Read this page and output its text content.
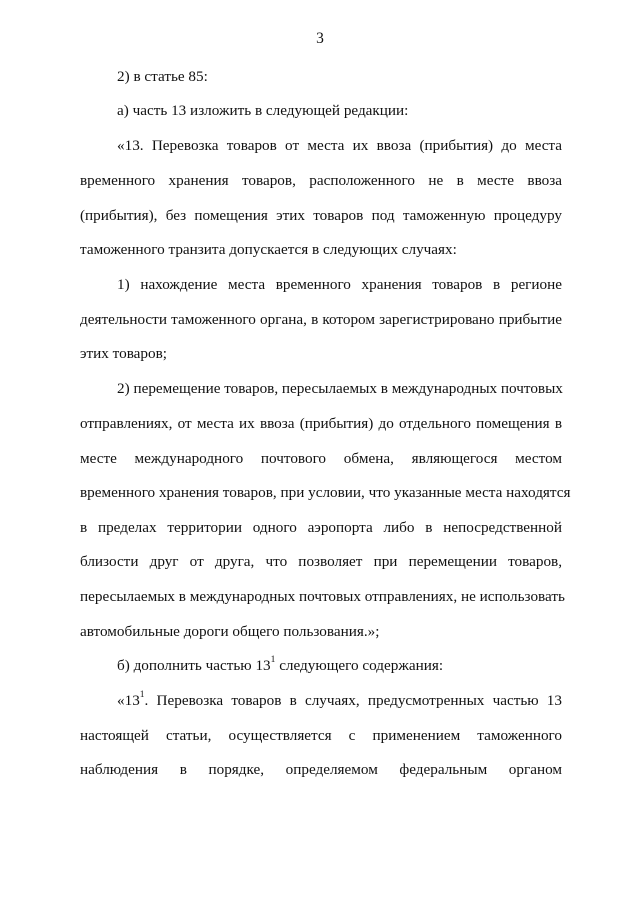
3
2) в статье 85:
а) часть 13 изложить в следующей редакции:
«13. Перевозка товаров от места их ввоза (прибытия) до места
временного хранения товаров, расположенного не в месте ввоза
(прибытия), без помещения этих товаров под таможенную процедуру
таможенного транзита допускается в следующих случаях:
1) нахождение места временного хранения товаров в регионе
деятельности таможенного органа, в котором зарегистрировано прибытие
этих товаров;
2) перемещение товаров, пересылаемых в международных почтовых
отправлениях, от места их ввоза (прибытия) до отдельного помещения в
месте международного почтового обмена, являющегося местом
временного хранения товаров, при условии, что указанные места находятся
в пределах территории одного аэропорта либо в непосредственной
близости друг от друга, что позволяет при перемещении товаров,
пересылаемых в международных почтовых отправлениях, не использовать
автомобильные дороги общего пользования.»;
б) дополнить частью $13^1$ следующего содержания:
«$13^1$. Перевозка товаров в случаях, предусмотренных частью 13
настоящей статьи, осуществляется с применением таможенного
наблюдения в порядке, определяемом федеральным органом
